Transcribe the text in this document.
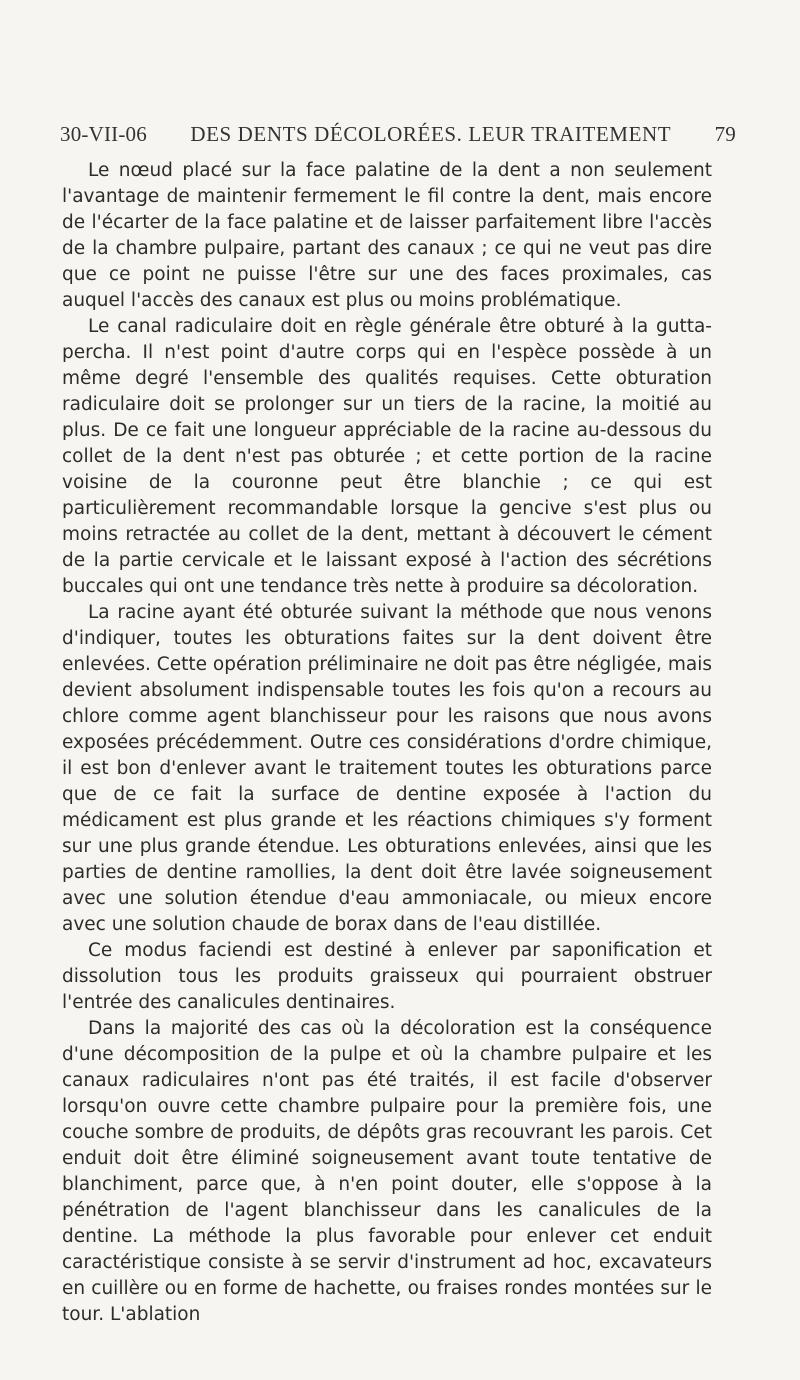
30-VII-06 DES DENTS DÉCOLORÉES. LEUR TRAITEMENT 79

Le nœud placé sur la face palatine de la dent a non seulement l'avantage de maintenir fermement le fil contre la dent, mais encore de l'écarter de la face palatine et de laisser parfaitement libre l'accès de la chambre pulpaire, partant des canaux ; ce qui ne veut pas dire que ce point ne puisse l'être sur une des faces proximales, cas auquel l'accès des canaux est plus ou moins problématique.

Le canal radiculaire doit en règle générale être obturé à la gutta-percha. Il n'est point d'autre corps qui en l'espèce possède à un même degré l'ensemble des qualités requises. Cette obturation radiculaire doit se prolonger sur un tiers de la racine, la moitié au plus. De ce fait une longueur appréciable de la racine au-dessous du collet de la dent n'est pas obturée ; et cette portion de la racine voisine de la couronne peut être blanchie ; ce qui est particulièrement recommandable lorsque la gencive s'est plus ou moins retractée au collet de la dent, mettant à découvert le cément de la partie cervicale et le laissant exposé à l'action des sécrétions buccales qui ont une tendance très nette à produire sa décoloration.

La racine ayant été obturée suivant la méthode que nous venons d'indiquer, toutes les obturations faites sur la dent doivent être enlevées. Cette opération préliminaire ne doit pas être négligée, mais devient absolument indispensable toutes les fois qu'on a recours au chlore comme agent blanchisseur pour les raisons que nous avons exposées précédemment. Outre ces considérations d'ordre chimique, il est bon d'enlever avant le traitement toutes les obturations parce que de ce fait la surface de dentine exposée à l'action du médicament est plus grande et les réactions chimiques s'y forment sur une plus grande étendue. Les obturations enlevées, ainsi que les parties de dentine ramollies, la dent doit être lavée soigneusement avec une solution étendue d'eau ammoniacale, ou mieux encore avec une solution chaude de borax dans de l'eau distillée.

Ce modus faciendi est destiné à enlever par saponification et dissolution tous les produits graisseux qui pourraient obstruer l'entrée des canalicules dentinaires.

Dans la majorité des cas où la décoloration est la conséquence d'une décomposition de la pulpe et où la chambre pulpaire et les canaux radiculaires n'ont pas été traités, il est facile d'observer lorsqu'on ouvre cette chambre pulpaire pour la première fois, une couche sombre de produits, de dépôts gras recouvrant les parois. Cet enduit doit être éliminé soigneusement avant toute tentative de blanchiment, parce que, à n'en point douter, elle s'oppose à la pénétration de l'agent blanchisseur dans les canalicules de la dentine. La méthode la plus favorable pour enlever cet enduit caractéristique consiste à se servir d'instrument ad hoc, excavateurs en cuillère ou en forme de hachette, ou fraises rondes montées sur le tour. L'ablation
